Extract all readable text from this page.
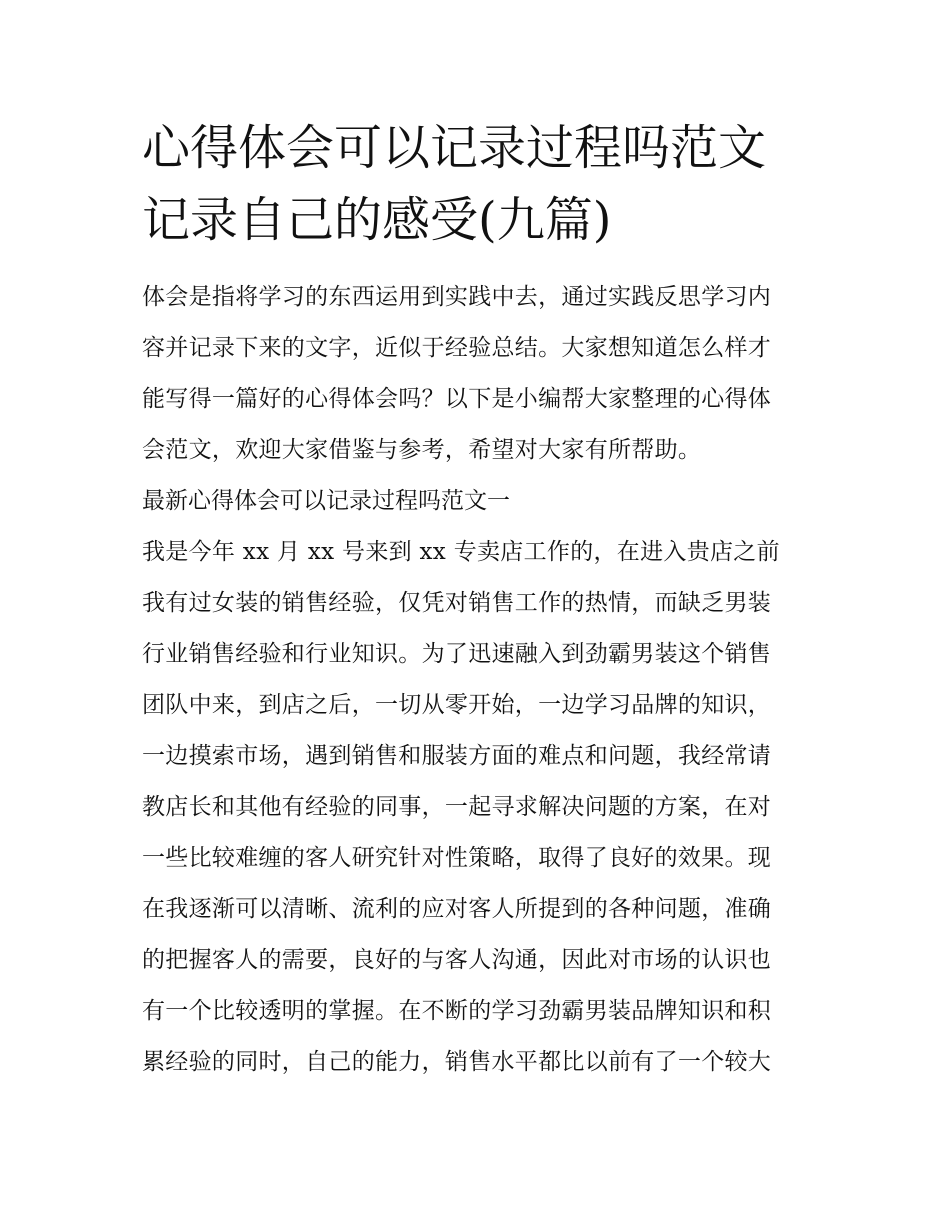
心得体会可以记录过程吗范文
记录自己的感受(九篇)

体会是指将学习的东西运用到实践中去，通过实践反思学习内
容并记录下来的文字，近似于经验总结。大家想知道怎么样才
能写得一篇好的心得体会吗？以下是小编帮大家整理的心得体
会范文，欢迎大家借鉴与参考，希望对大家有所帮助。

最新心得体会可以记录过程吗范文一

我是今年 xx 月 xx 号来到 xx 专卖店工作的，在进入贵店之前
我有过女装的销售经验，仅凭对销售工作的热情，而缺乏男装
行业销售经验和行业知识。为了迅速融入到劲霸男装这个销售
团队中来，到店之后，一切从零开始，一边学习品牌的知识，
一边摸索市场，遇到销售和服装方面的难点和问题，我经常请
教店长和其他有经验的同事，一起寻求解决问题的方案，在对
一些比较难缠的客人研究针对性策略，取得了良好的效果。现
在我逐渐可以清晰、流利的应对客人所提到的各种问题，准确
的把握客人的需要，良好的与客人沟通，因此对市场的认识也
有一个比较透明的掌握。在不断的学习劲霸男装品牌知识和积
累经验的同时，自己的能力，销售水平都比以前有了一个较大
